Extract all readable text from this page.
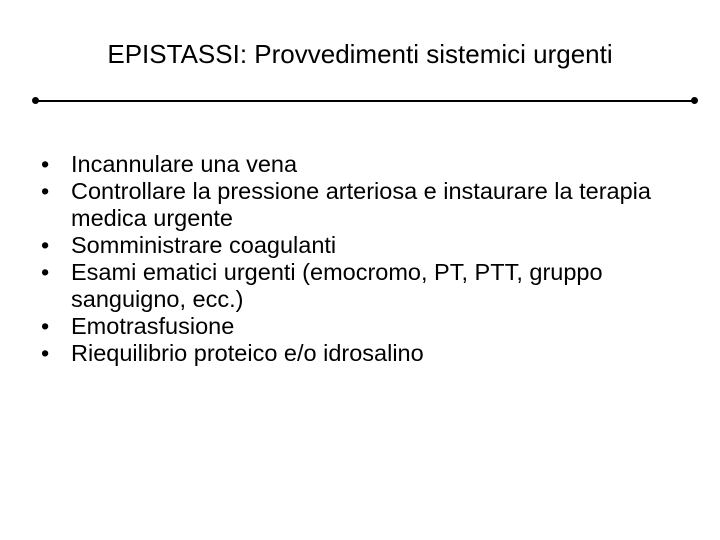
EPISTASSI: Provvedimenti sistemici urgenti
• Incannulare una vena
• Controllare la pressione arteriosa e instaurare la terapia medica urgente
• Somministrare coagulanti
• Esami ematici urgenti (emocromo, PT, PTT, gruppo sanguigno, ecc.)
• Emotrasfusione
• Riequilibrio proteico e/o idrosalino
